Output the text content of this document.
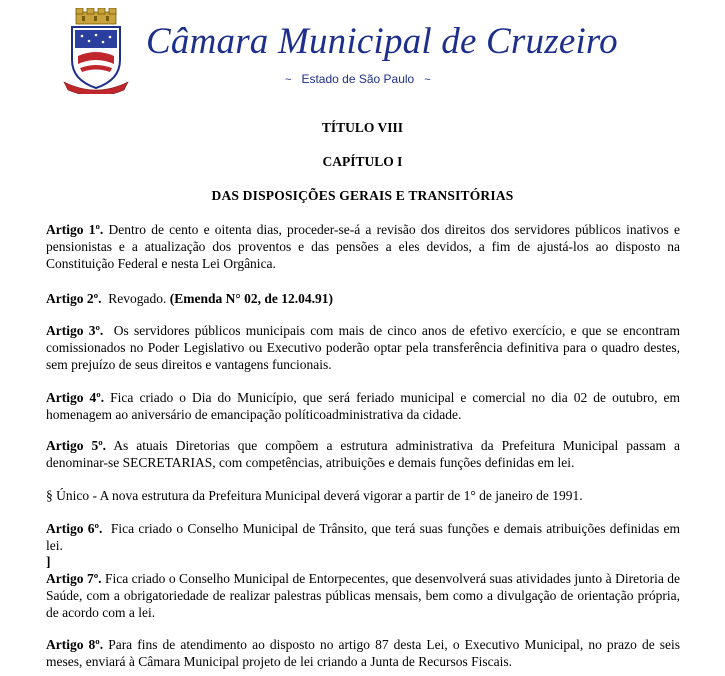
Câmara Municipal de Cruzeiro
~ Estado de São Paulo ~
TÍTULO VIII
CAPÍTULO I
DAS DISPOSIÇÕES GERAIS E TRANSITÓRIAS
Artigo 1º. Dentro de cento e oitenta dias, proceder-se-á a revisão dos direitos dos servidores públicos inativos e pensionistas e a atualização dos proventos e das pensões a eles devidos, a fim de ajustá-los ao disposto na Constituição Federal e nesta Lei Orgânica.
Artigo 2º. Revogado. (Emenda N° 02, de 12.04.91)
Artigo 3º. Os servidores públicos municipais com mais de cinco anos de efetivo exercício, e que se encontram comissionados no Poder Legislativo ou Executivo poderão optar pela transferência definitiva para o quadro destes, sem prejuízo de seus direitos e vantagens funcionais.
Artigo 4º. Fica criado o Dia do Município, que será feriado municipal e comercial no dia 02 de outubro, em homenagem ao aniversário de emancipação políticoadministrativa da cidade.
Artigo 5º. As atuais Diretorias que compõem a estrutura administrativa da Prefeitura Municipal passam a denominar-se SECRETARIAS, com competências, atribuições e demais funções definidas em lei.
§ Único - A nova estrutura da Prefeitura Municipal deverá vigorar a partir de 1° de janeiro de 1991.
Artigo 6º. Fica criado o Conselho Municipal de Trânsito, que terá suas funções e demais atribuições definidas em lei.
]
Artigo 7º. Fica criado o Conselho Municipal de Entorpecentes, que desenvolverá suas atividades junto à Diretoria de Saúde, com a obrigatoriedade de realizar palestras públicas mensais, bem como a divulgação de orientação própria, de acordo com a lei.
Artigo 8º. Para fins de atendimento ao disposto no artigo 87 desta Lei, o Executivo Municipal, no prazo de seis meses, enviará à Câmara Municipal projeto de lei criando a Junta de Recursos Fiscais.
